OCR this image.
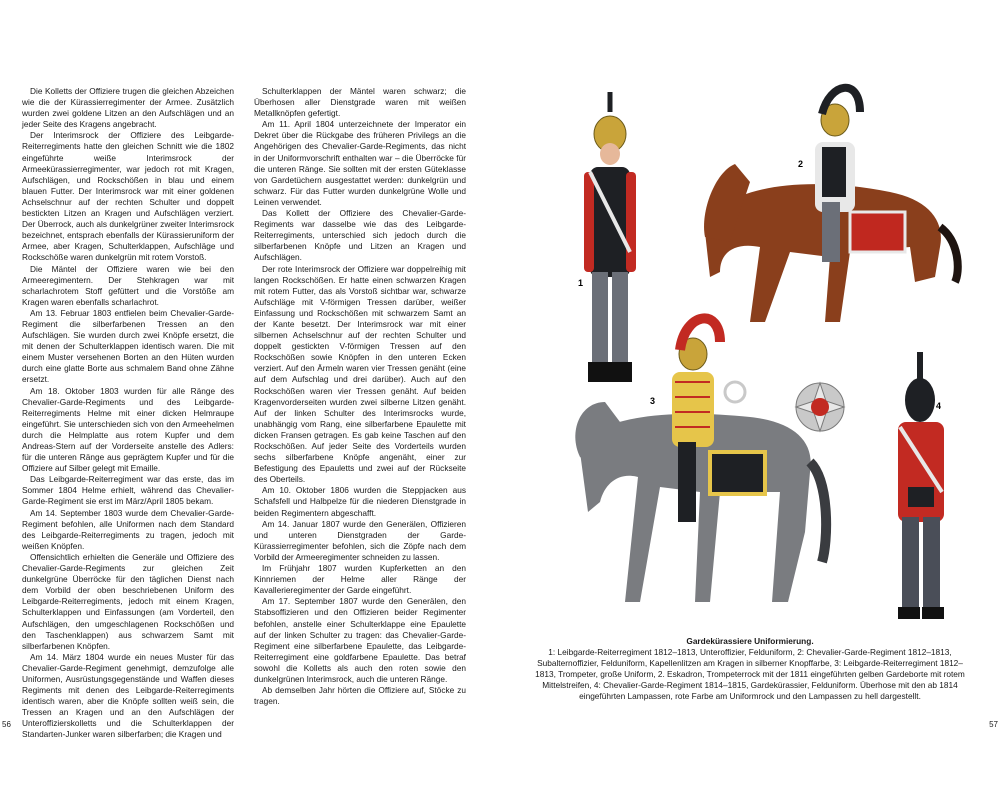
Die Kolletts der Offiziere trugen die gleichen Abzeichen wie die der Kürassierregimenter der Armee. Zusätzlich wurden zwei goldene Litzen an den Aufschlägen und an jeder Seite des Kragens angebracht.

Der Interimsrock der Offiziere des Leibgarde-Reiterregiments hatte den gleichen Schnitt wie die 1802 eingeführte weiße Interimsrock der Armeekürassierregimenter, war jedoch rot mit Kragen, Aufschlägen, und Rockschößen in blau und einem blauen Futter. Der Interimsrock war mit einer goldenen Achselschnur auf der rechten Schulter und doppelt bestickten Litzen an Kragen und Aufschlägen verziert. Der Überrock, auch als dunkelgrüner zweiter Interimsrock bezeichnet, entsprach ebenfalls der Kürassieruniform der Armee, aber Kragen, Schulterklappen, Aufschläge und Rockschöße waren dunkelgrün mit rotem Vorstoß.

Die Mäntel der Offiziere waren wie bei den Armeeregimentern. Der Stehkragen war mit scharlachrotem Stoff gefüttert und die Vorstöße am Kragen waren ebenfalls scharlachrot.

Am 13. Februar 1803 entfielen beim Chevalier-Garde-Regiment die silberfarbenen Tressen an den Aufschlägen. Sie wurden durch zwei Knöpfe ersetzt, die mit denen der Schulterklappen identisch waren. Die mit einem Muster versehenen Borten an den Hüten wurden durch eine glatte Borte aus schmalem Band ohne Zähne ersetzt.

Am 18. Oktober 1803 wurden für alle Ränge des Chevalier-Garde-Regiments und des Leibgarde-Reiterregiments Helme mit einer dicken Helmraupe eingeführt. Sie unterschieden sich von den Armeehelmen durch die Helmplatte aus rotem Kupfer und dem Andreas-Stern auf der Vorderseite anstelle des Adlers: für die unteren Ränge aus geprägtem Kupfer und für die Offiziere auf Silber gelegt mit Emaille.

Das Leibgarde-Reiterregiment war das erste, das im Sommer 1804 Helme erhielt, während das Chevalier-Garde-Regiment sie erst im März/April 1805 bekam.

Am 14. September 1803 wurde dem Chevalier-Garde-Regiment befohlen, alle Uniformen nach dem Standard des Leibgarde-Reiterregiments zu tragen, jedoch mit weißen Knöpfen.

Offensichtlich erhielten die Generäle und Offiziere des Chevalier-Garde-Regiments zur gleichen Zeit dunkelgrüne Überröcke für den täglichen Dienst nach dem Vorbild der oben beschriebenen Uniform des Leibgarde-Reiterregiments, jedoch mit einem Kragen, Schulterklappen und Einfassungen (am Vorderteil, den Aufschlägen, den umgeschlagenen Rockschößen und den Taschenklappen) aus schwarzem Samt mit silberfarbenen Knöpfen.

Am 14. März 1804 wurde ein neues Muster für das Chevalier-Garde-Regiment genehmigt, demzufolge alle Uniformen, Ausrüstungsgegenstände und Waffen dieses Regiments mit denen des Leibgarde-Reiterregiments identisch waren, aber die Knöpfe sollten weiß sein, die Tressen an Kragen und an den Aufschlägen der Unteroffizierskolletts und die Schulterklappen der Standarten-Junker waren silberfarben; die Kragen und

Schulterklappen der Mäntel waren schwarz; die Überhosen aller Dienstgrade waren mit weißen Metallknöpfen gefertigt.

Am 11. April 1804 unterzeichnete der Imperator ein Dekret über die Rückgabe des früheren Privilegs an die Angehörigen des Chevalier-Garde-Regiments, das nicht in der Uniformvorschrift enthalten war – die Überröcke für die unteren Ränge. Sie sollten mit der ersten Güteklasse von Gardetüchern ausgestattet werden: dunkelgrün und schwarz. Für das Futter wurden dunkelgrüne Wolle und Leinen verwendet.

Das Kollett der Offiziere des Chevalier-Garde-Regiments war dasselbe wie das des Leibgarde-Reiterregiments, unterschied sich jedoch durch die silberfarbenen Knöpfe und Litzen an Kragen und Aufschlägen.

Der rote Interimsrock der Offiziere war doppelreihig mit langen Rockschößen. Er hatte einen schwarzen Kragen mit rotem Futter, das als Vorstoß sichtbar war, schwarze Aufschläge mit V-förmigen Tressen darüber, weißer Einfassung und Rockschößen mit schwarzem Samt an der Kante besetzt. Der Interimsrock war mit einer silbernen Achselschnur auf der rechten Schulter und doppelt gestickten V-förmigen Tressen auf den Rockschößen sowie Knöpfen in den unteren Ecken verziert. Auf den Ärmeln waren vier Tressen genäht (eine auf dem Aufschlag und drei darüber). Auch auf den Rockschößen waren vier Tressen genäht. Auf beiden Kragenvorderseiten wurden zwei silberne Litzen genäht. Auf der linken Schulter des Interimsrocks wurde, unabhängig vom Rang, eine silberfarbene Epaulette mit dicken Fransen getragen. Es gab keine Taschen auf den Rockschößen. Auf jeder Seite des Vorderteils wurden sechs silberfarbene Knöpfe angenäht, einer zur Befestigung des Epauletts und zwei auf der Rückseite des Oberteils.

Am 10. Oktober 1806 wurden die Steppjacken aus Schafsfell und Halbpelze für die niederen Dienstgrade in beiden Regimentern abgeschafft.

Am 14. Januar 1807 wurde den Generälen, Offizieren und unteren Dienstgraden der Garde-Kürassierregimenter befohlen, sich die Zöpfe nach dem Vorbild der Armeeregimenter schneiden zu lassen.

Im Frühjahr 1807 wurden Kupferketten an den Kinnriemen der Helme aller Ränge der Kavallerieregimenter der Garde eingeführt.

Am 17. September 1807 wurde den Generälen, den Stabsoffizieren und den Offizieren beider Regimenter befohlen, anstelle einer Schulterklappe eine Epaulette auf der linken Schulter zu tragen: das Chevalier-Garde-Regiment eine silberfarbene Epaulette, das Leibgarde-Reiterregiment eine goldfarbene Epaulette. Das betraf sowohl die Kolletts als auch den roten sowie den dunkelgrünen Interimsrock, auch die unteren Ränge.

Ab demselben Jahr hörten die Offiziere auf, Stöcke zu tragen.

56	57
1
2
3	4
Gardekürassiere Uniformierung.
1: Leibgarde-Reiterregiment 1812–1813, Unteroffizier, Felduniform, 2: Chevalier-Garde-Regiment 1812–1813, Subalternoffizier, Felduniform, Kapellenlitzen am Kragen in silberner Knopffarbe, 3: Leibgarde-Reiterregiment 1812–1813, Trompeter, große Uniform, 2. Eskadron, Trompeterrock mit der 1811 eingeführten gelben Gardeborte mit rotem Mittelstreifen, 4: Chevalier-Garde-Regiment 1814–1815, Gardekürassier, Felduniform. Überhose mit den ab 1814 eingeführten Lampassen, rote Farbe am Uniformrock und den Lampassen zu hell dargestellt.
